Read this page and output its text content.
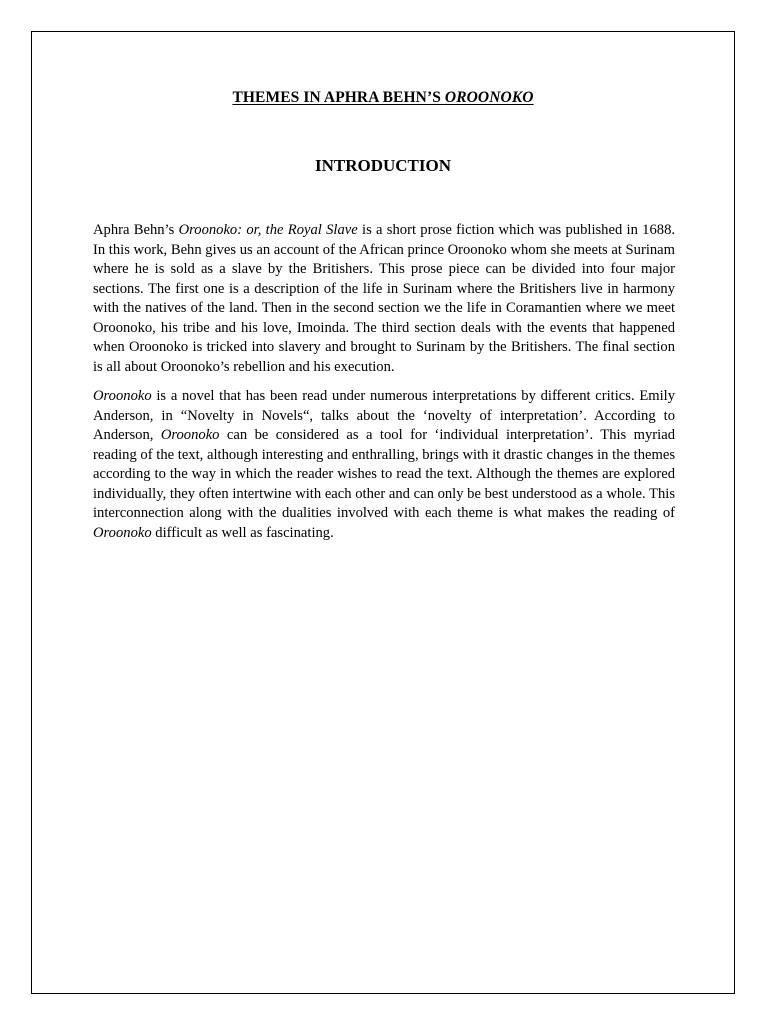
THEMES IN APHRA BEHN’S OROONOKO
INTRODUCTION

Aphra Behn’s Oroonoko: or, the Royal Slave is a short prose fiction which was published in 1688. In this work, Behn gives us an account of the African prince Oroonoko whom she meets at Surinam where he is sold as a slave by the Britishers. This prose piece can be divided into four major sections. The first one is a description of the life in Surinam where the Britishers live in harmony with the natives of the land. Then in the second section we the life in Coramantien where we meet Oroonoko, his tribe and his love, Imoinda. The third section deals with the events that happened when Oroonoko is tricked into slavery and brought to Surinam by the Britishers. The final section is all about Oroonoko’s rebellion and his execution.

Oroonoko is a novel that has been read under numerous interpretations by different critics. Emily Anderson, in “Novelty in Novels“, talks about the ‘novelty of interpretation’. According to Anderson, Oroonoko can be considered as a tool for ‘individual interpretation’. This myriad reading of the text, although interesting and enthralling, brings with it drastic changes in the themes according to the way in which the reader wishes to read the text. Although the themes are explored individually, they often intertwine with each other and can only be best understood as a whole. This interconnection along with the dualities involved with each theme is what makes the reading of Oroonoko difficult as well as fascinating.
